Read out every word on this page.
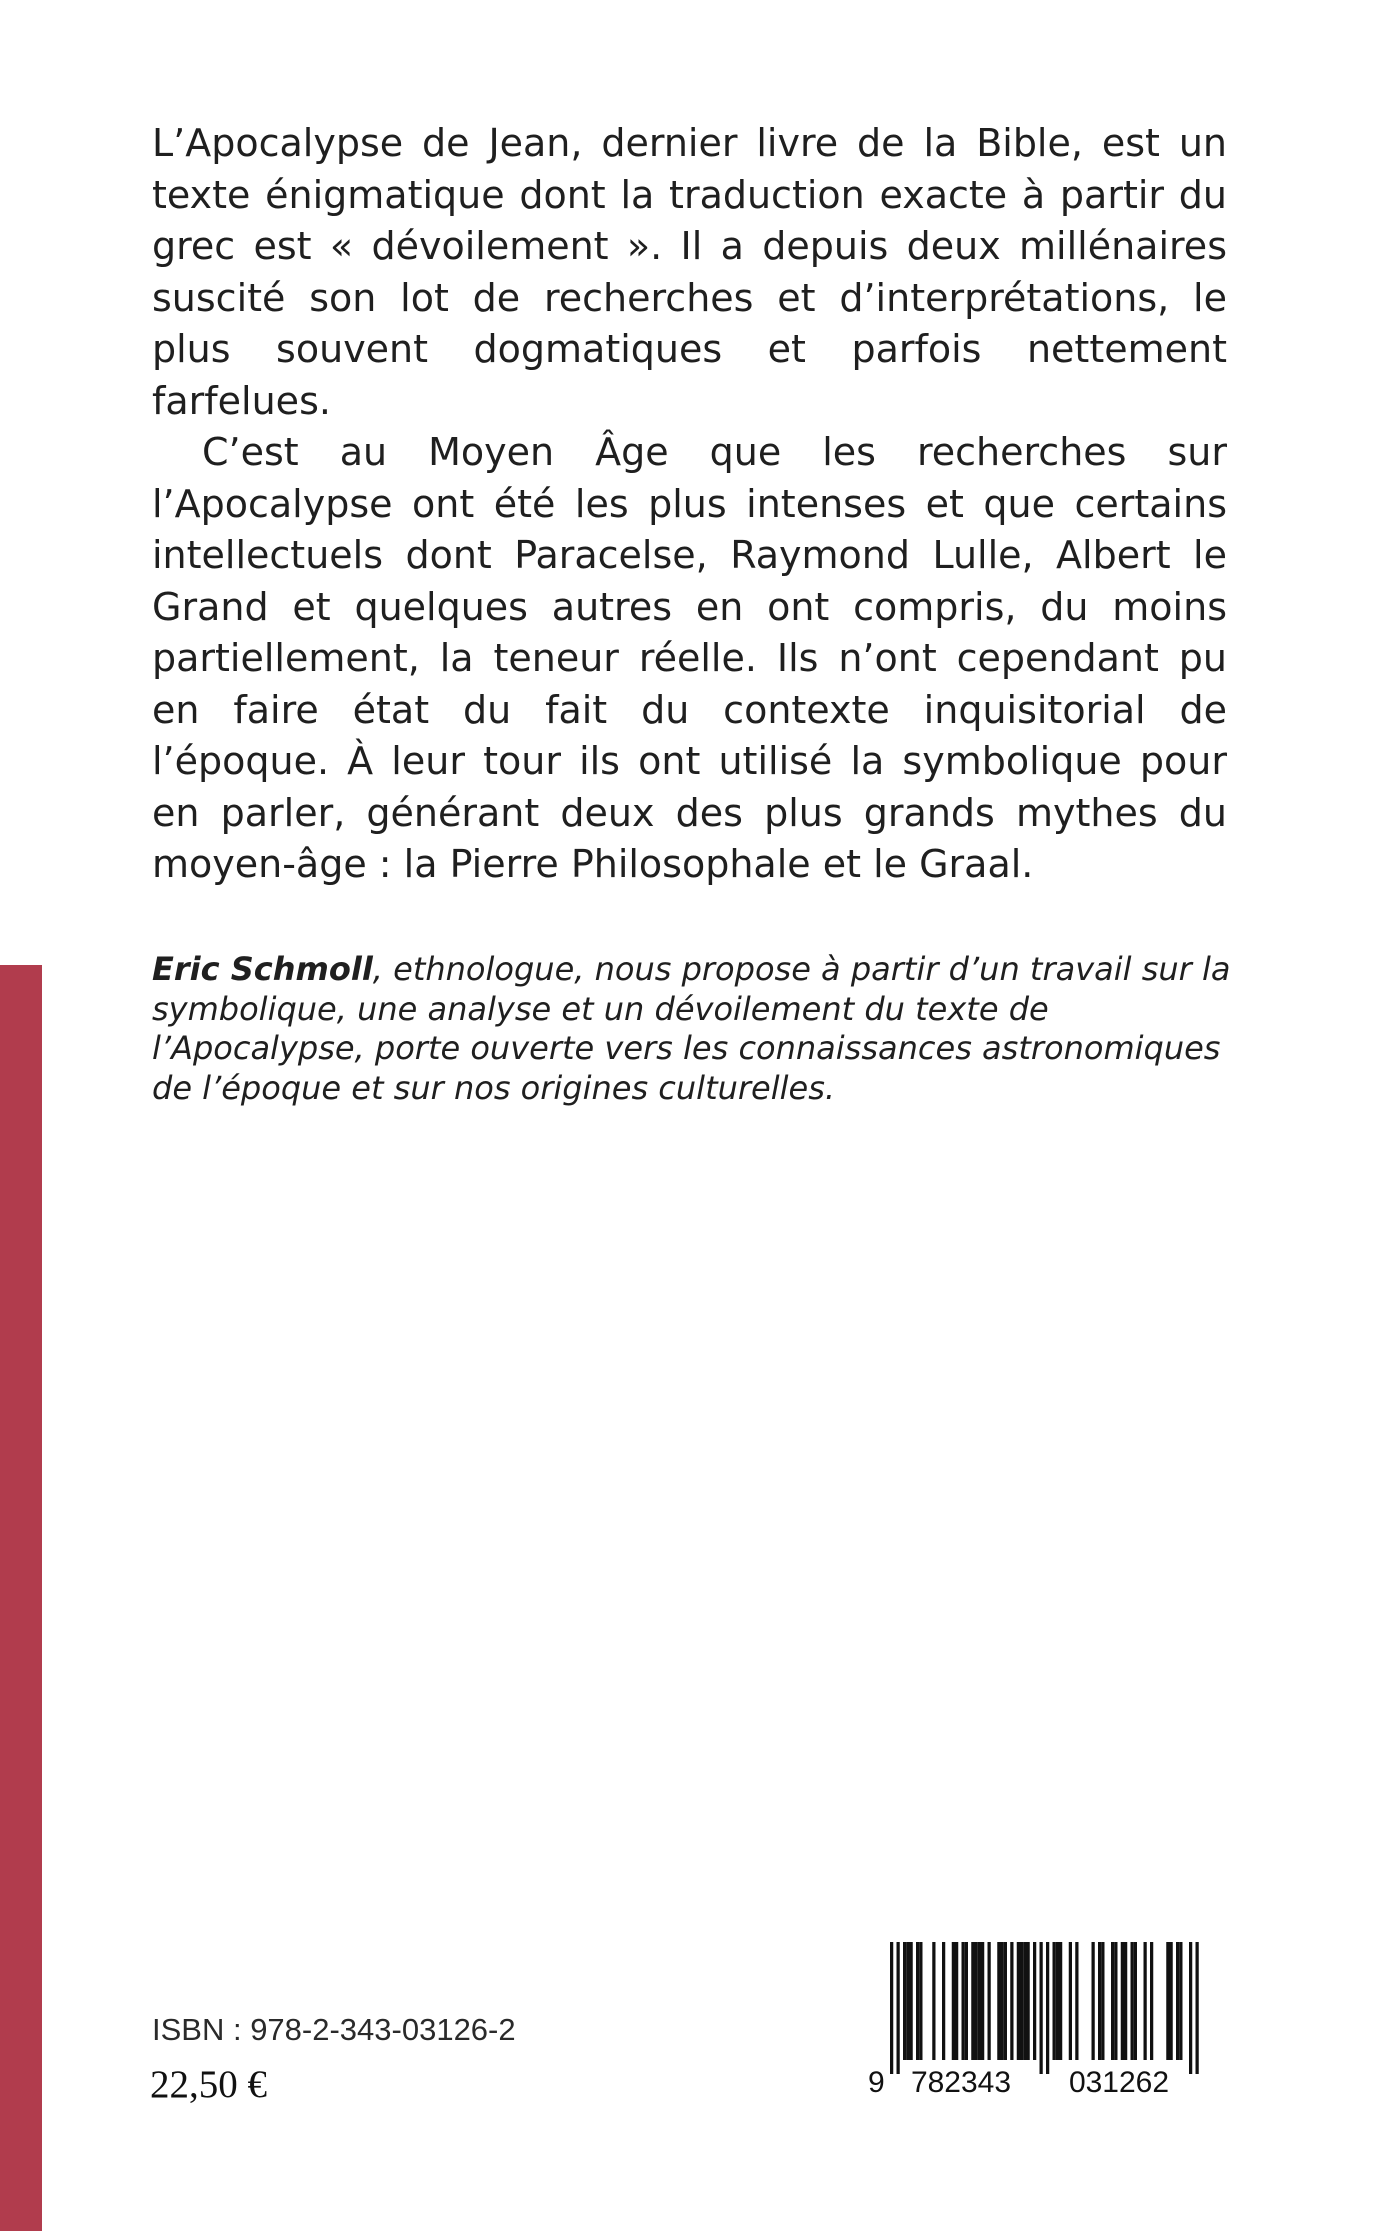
L’Apocalypse de Jean, dernier livre de la Bible, est un texte énigmatique dont la traduction exacte à partir du grec est « dévoilement ». Il a depuis deux millénaires suscité son lot de recherches et d’interprétations, le plus souvent dogmatiques et parfois nettement farfelues.

C’est au Moyen Âge que les recherches sur l’Apocalypse ont été les plus intenses et que certains intellectuels dont Paracelse, Raymond Lulle, Albert le Grand et quelques autres en ont compris, du moins partiellement, la teneur réelle. Ils n’ont cependant pu en faire état du fait du contexte inquisitorial de l’époque. À leur tour ils ont utilisé la symbolique pour en parler, générant deux des plus grands mythes du moyen-âge : la Pierre Philosophale et le Graal.

Eric Schmoll, ethnologue, nous propose à partir d’un travail sur la symbolique, une analyse et un dévoilement du texte de l’Apocalypse, porte ouverte vers les connaissances astronomiques de l’époque et sur nos origines culturelles.

ISBN : 978-2-343-03126-2
22,50 €	9 782343 031262
